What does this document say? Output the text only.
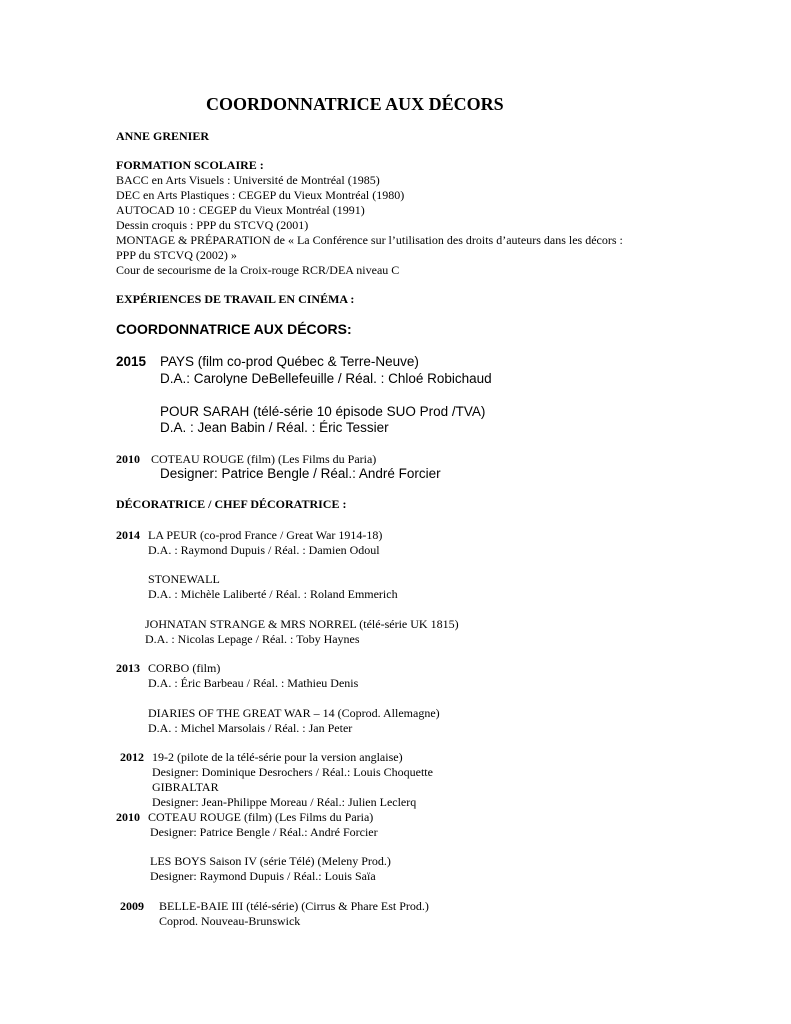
COORDONNATRICE AUX DÉCORS
ANNE GRENIER
FORMATION SCOLAIRE :
BACC en Arts Visuels : Université de Montréal (1985)
DEC en Arts Plastiques : CEGEP du Vieux Montréal (1980)
AUTOCAD 10 : CEGEP du Vieux Montréal (1991)
Dessin croquis : PPP du STCVQ (2001)
MONTAGE & PRÉPARATION de « La Conférence sur l’utilisation des droits d’auteurs dans les décors :
PPP du STCVQ (2002) »
Cour de secourisme de la Croix-rouge RCR/DEA niveau C
EXPÉRIENCES DE TRAVAIL EN CINÉMA :
COORDONNATRICE AUX DÉCORS:
2015 PAYS (film co-prod Québec & Terre-Neuve)
D.A.: Carolyne DeBellefeuille / Réal. : Chloé Robichaud
POUR SARAH (télé-série 10 épisode SUO Prod /TVA)
D.A. : Jean Babin / Réal. : Éric Tessier
2010 COTEAU ROUGE (film) (Les Films du Paria)
Designer: Patrice Bengle / Réal.: André Forcier
DÉCORATRICE / CHEF DÉCORATRICE :
2014 LA PEUR (co-prod France / Great War 1914-18)
D.A. : Raymond Dupuis / Réal. : Damien Odoul
STONEWALL
D.A. : Michèle Laliberté / Réal. : Roland Emmerich
JOHNATAN STRANGE & MRS NORREL (télé-série UK 1815)
D.A. : Nicolas Lepage / Réal. : Toby Haynes
2013 CORBO (film)
D.A. : Éric Barbeau / Réal. : Mathieu Denis
DIARIES OF THE GREAT WAR – 14 (Coprod. Allemagne)
D.A. : Michel Marsolais / Réal. : Jan Peter
2012 19-2 (pilote de la télé-série pour la version anglaise)
Designer: Dominique Desrochers / Réal.: Louis Choquette
GIBRALTAR
Designer: Jean-Philippe Moreau / Réal.: Julien Leclerq
2010 COTEAU ROUGE (film) (Les Films du Paria)
Designer: Patrice Bengle / Réal.: André Forcier
LES BOYS Saison IV (série Télé) (Meleny Prod.)
Designer: Raymond Dupuis / Réal.: Louis Saïa
2009 BELLE-BAIE III (télé-série) (Cirrus & Phare Est Prod.)
Coprod. Nouveau-Brunswick
